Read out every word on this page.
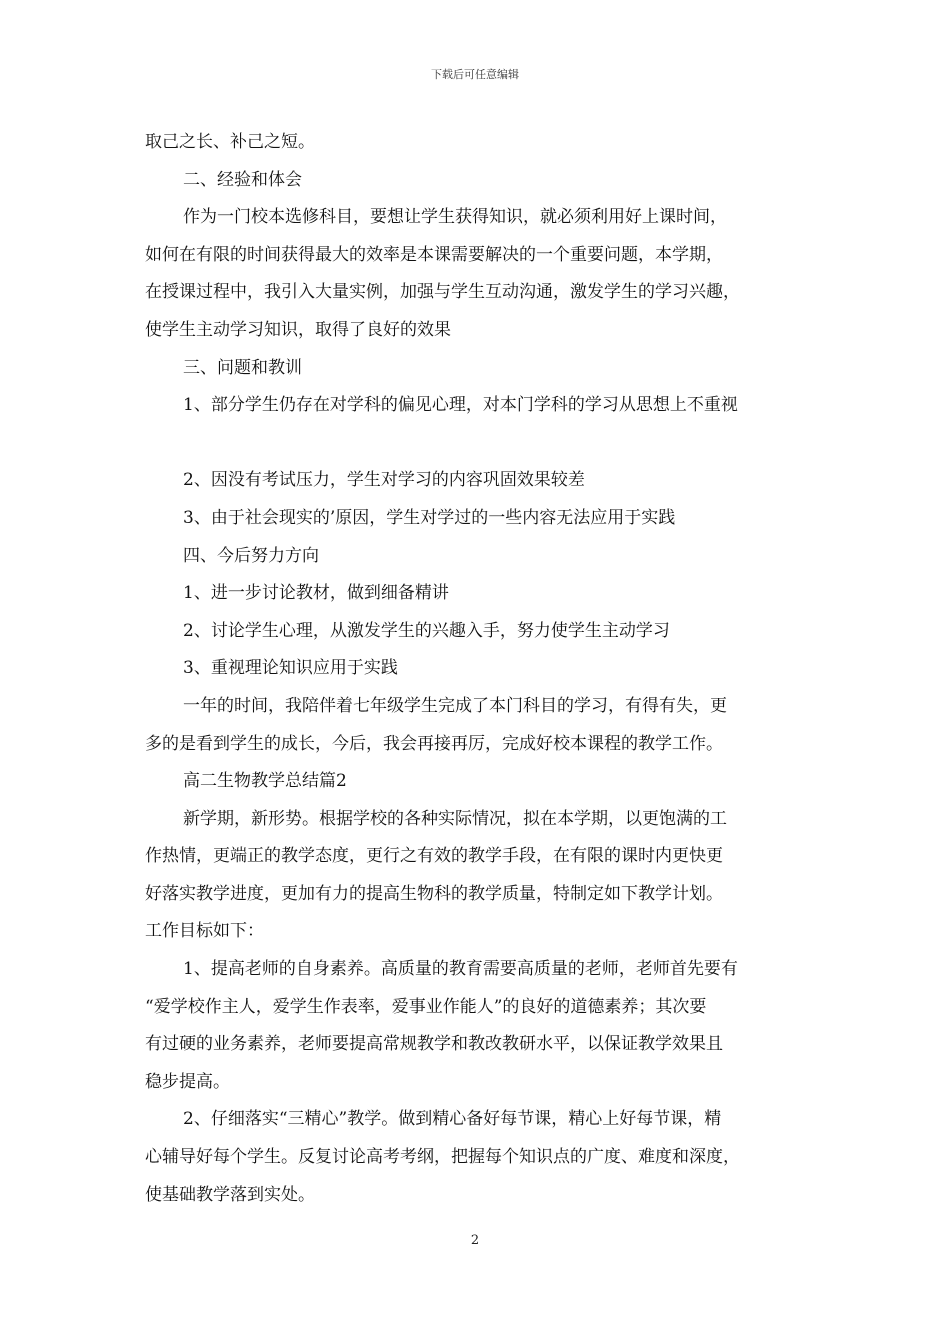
下载后可任意编辑
取己之长、补己之短。
二、经验和体会
作为一门校本选修科目，要想让学生获得知识，就必须利用好上课时间，
如何在有限的时间获得最大的效率是本课需要解决的一个重要问题，本学期，
在授课过程中，我引入大量实例，加强与学生互动沟通，激发学生的学习兴趣，
使学生主动学习知识，取得了良好的效果
三、问题和教训
1、部分学生仍存在对学科的偏见心理，对本门学科的学习从思想上不重视
2、因没有考试压力，学生对学习的内容巩固效果较差
3、由于社会现实的’原因，学生对学过的一些内容无法应用于实践
四、今后努力方向
1、进一步讨论教材，做到细备精讲
2、讨论学生心理，从激发学生的兴趣入手，努力使学生主动学习
3、重视理论知识应用于实践
一年的时间，我陪伴着七年级学生完成了本门科目的学习，有得有失，更
多的是看到学生的成长，今后，我会再接再厉，完成好校本课程的教学工作。
高二生物教学总结篇2
新学期，新形势。根据学校的各种实际情况，拟在本学期，以更饱满的工
作热情，更端正的教学态度，更行之有效的教学手段，在有限的课时内更快更
好落实教学进度，更加有力的提高生物科的教学质量，特制定如下教学计划。
工作目标如下：
1、提高老师的自身素养。高质量的教育需要高质量的老师，老师首先要有
“爱学校作主人，爱学生作表率，爱事业作能人”的良好的道德素养；其次要
有过硬的业务素养，老师要提高常规教学和教改教研水平，以保证教学效果且
稳步提高。
2、仔细落实“三精心”教学。做到精心备好每节课，精心上好每节课，精
心辅导好每个学生。反复讨论高考考纲，把握每个知识点的广度、难度和深度，
使基础教学落到实处。
2
